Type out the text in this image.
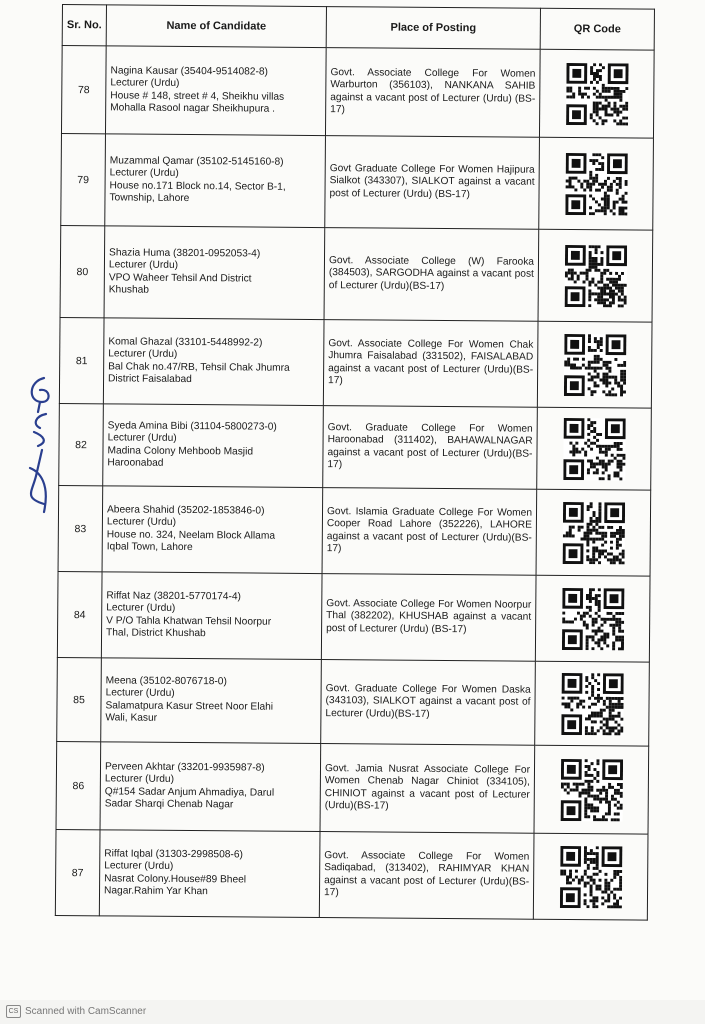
Sr. No.	Name of Candidate	Place of Posting	QR Code
78	Nagina Kausar (35404-9514082-8)
Lecturer (Urdu)
House # 148, street # 4, Sheikhu villas
Mohalla Rasool nagar Sheikhupura .	Govt. Associate College For Women Warburton (356103), NANKANA SAHIB against a vacant post of Lecturer (Urdu) (BS-17)	

79	Muzammal Qamar (35102-5145160-8)
Lecturer (Urdu)
House no.171 Block no.14, Sector B-1,
Township, Lahore	Govt Graduate College For Women Hajipura Sialkot (343307), SIALKOT against a vacant post of Lecturer (Urdu) (BS-17)	

80	Shazia Huma (38201-0952053-4)
Lecturer (Urdu)
VPO Waheer Tehsil And District
Khushab	Govt. Associate College (W) Farooka (384503), SARGODHA against a vacant post of Lecturer (Urdu)(BS-17)	

81	Komal Ghazal (33101-5448992-2)
Lecturer (Urdu)
Bal Chak no.47/RB, Tehsil Chak Jhumra
District Faisalabad	Govt. Associate College For Women Chak Jhumra Faisalabad (331502), FAISALABAD against a vacant post of Lecturer (Urdu)(BS-17)	

82	Syeda Amina Bibi (31104-5800273-0)
Lecturer (Urdu)
Madina Colony Mehboob Masjid
Haroonabad	Govt. Graduate College For Women Haroonabad (311402), BAHAWALNAGAR against a vacant post of Lecturer (Urdu)(BS-17)	

83	Abeera Shahid (35202-1853846-0)
Lecturer (Urdu)
House no. 324, Neelam Block Allama
Iqbal Town, Lahore	Govt. Islamia Graduate College For Women Cooper Road Lahore (352226), LAHORE against a vacant post of Lecturer (Urdu)(BS-17)	

84	Riffat Naz (38201-5770174-4)
Lecturer (Urdu)
V P/O Tahla Khatwan Tehsil Noorpur
Thal, District Khushab	Govt. Associate College For Women Noorpur Thal (382202), KHUSHAB against a vacant post of Lecturer (Urdu) (BS-17)	

85	Meena (35102-8076718-0)
Lecturer (Urdu)
Salamatpura Kasur Street Noor Elahi
Wali, Kasur	Govt. Graduate College For Women Daska (343103), SIALKOT against a vacant post of Lecturer (Urdu)(BS-17)	

86	Perveen Akhtar (33201-9935987-8)
Lecturer (Urdu)
Q#154 Sadar Anjum Ahmadiya, Darul
Sadar Sharqi Chenab Nagar	Govt. Jamia Nusrat Associate College For Women Chenab Nagar Chiniot (334105), CHINIOT against a vacant post of Lecturer (Urdu)(BS-17)	

87	Riffat Iqbal (31303-2998508-6)
Lecturer (Urdu)
Nasrat Colony.House#89 Bheel
Nagar.Rahim Yar Khan	Govt. Associate College For Women Sadiqabad, (313402), RAHIMYAR KHAN against a vacant post of Lecturer (Urdu)(BS-17)	
CS Scanned with CamScanner
